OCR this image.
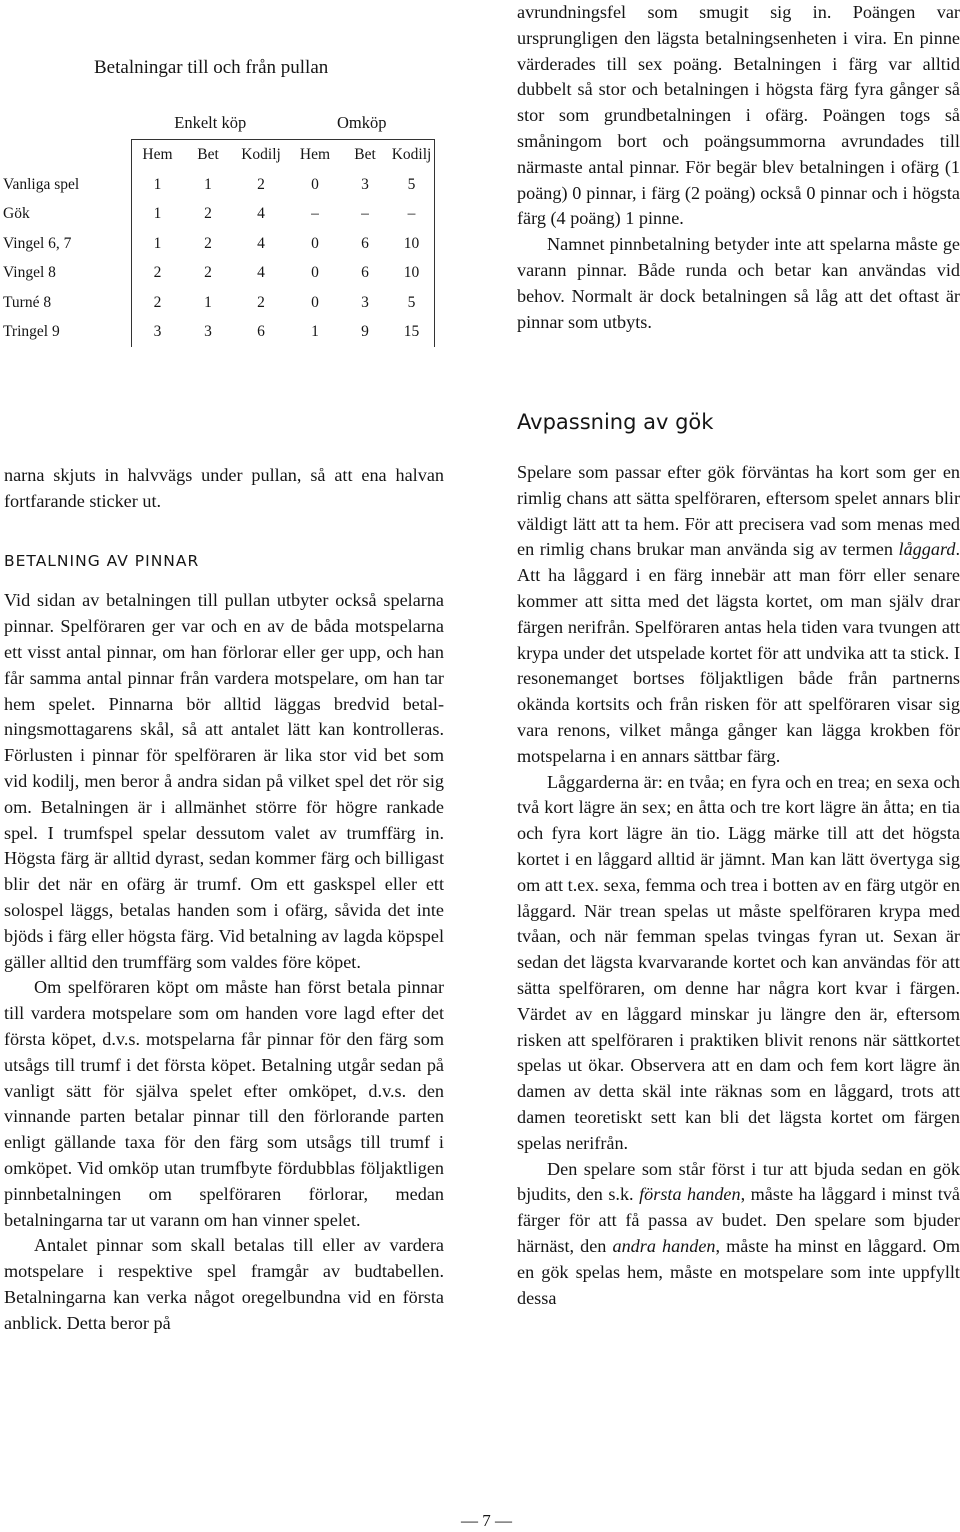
Betalningar till och från pullan
	Enkelt köp			Omköp		
	Hem	Bet	Kodilj	Hem	Bet	Kodilj
Vanliga spel	1	1	2	0	3	5
Gök	1	2	4	–	–	–
Vingel 6, 7	1	2	4	0	6	10
Vingel 8	2	2	4	0	6	10
Turné 8	2	1	2	0	3	5
Tringel 9	3	3	6	1	9	15

avrundningsfel som smugit sig in. Poängen var ursprungligen den lägsta betalningsenheten i vira. En pinne värderades till sex poäng. Betalningen i färg var alltid dubbelt så stor och betalningen i högsta färg fyra gånger så stor som grundbetalningen i ofärg. Poängen togs så småningom bort och poängsummorna avrundades till närmaste antal pinnar. För begär blev betalningen i ofärg (1 poäng) 0 pinnar, i färg (2 poäng) också 0 pinnar och i högsta färg (4 poäng) 1 pinne.

Namnet pinnbetalning betyder inte att spelarna måste ge varann pinnar. Både runda och betar kan användas vid behov. Normalt är dock betalningen så låg att det oftast är pinnar som utbyts.

Avpassning av gök

narna skjuts in halvvägs under pullan, så att ena halvan fortfarande sticker ut.

BETALNING AV PINNAR

Vid sidan av betalningen till pullan utbyter också spelarna pinnar. Spelföraren ger var och en av de båda motspelarna ett visst antal pinnar, om han förlorar eller ger upp, och han får samma antal pinnar från vardera motspelare, om han tar hem spelet. Pinnarna bör alltid läggas bredvid betalningsmottagarens skål, så att antalet lätt kan kontrolleras. Förlusten i pinnar för spelföraren är lika stor vid bet som vid kodilj, men beror å andra sidan på vilket spel det rör sig om. Betalningen är i allmänhet större för högre rankade spel. I trumfspel spelar dessutom valet av trumffärg in. Högsta färg är alltid dyrast, sedan kommer färg och billigast blir det när en ofärg är trumf. Om ett gaskspel eller ett solospel läggs, betalas handen som i ofärg, såvida det inte bjöds i färg eller högsta färg. Vid betalning av lagda köpspel gäller alltid den trumffärg som valdes före köpet.

Om spelföraren köpt om måste han först betala pinnar till vardera motspelare som om handen vore lagd efter det första köpet, d.v.s. motspelarna får pinnar för den färg som utsågs till trumf i det första köpet. Betalning utgår sedan på vanligt sätt för själva spelet efter omköpet, d.v.s. den vinnande parten betalar pinnar till den förlorande parten enligt gällande taxa för den färg som utsågs till trumf i omköpet. Vid omköp utan trumfbyte fördubblas följaktligen pinnbetalningen om spelföraren förlorar, medan betalningarna tar ut varann om han vinner spelet.

Antalet pinnar som skall betalas till eller av vardera motspelare i respektive spel framgår av budtabellen. Betalningarna kan verka något oregelbundna vid en första anblick. Detta beror på

Spelare som passar efter gök förväntas ha kort som ger en rimlig chans att sätta spelföraren, eftersom spelet annars blir väldigt lätt att ta hem. För att precisera vad som menas med en rimlig chans brukar man använda sig av termen låggard. Att ha låggard i en färg innebär att man förr eller senare kommer att sitta med det lägsta kortet, om man själv drar färgen nerifrån. Spelföraren antas hela tiden vara tvungen att krypa under det utspelade kortet för att undvika att ta stick. I resonemanget bortses följaktligen både från partnerns okända kortsits och från risken för att spelföraren visar sig vara renons, vilket många gånger kan lägga krokben för motspelarna i en annars sättbar färg.

Låggarderna är: en tvåa; en fyra och en trea; en sexa och två kort lägre än sex; en åtta och tre kort lägre än åtta; en tia och fyra kort lägre än tio. Lägg märke till att det högsta kortet i en låggard alltid är jämnt. Man kan lätt övertyga sig om att t.ex. sexa, femma och trea i botten av en färg utgör en låggard. När trean spelas ut måste spelföraren krypa med tvåan, och när femman spelas tvingas fyran ut. Sexan är sedan det lägsta kvarvarande kortet och kan användas för att sätta spelföraren, om denne har några kort kvar i färgen. Värdet av en låggard minskar ju längre den är, eftersom risken att spelföraren i praktiken blivit renons när sättkortet spelas ut ökar. Observera att en dam och fem kort lägre än damen av detta skäl inte räknas som en låggard, trots att damen teoretiskt sett kan bli det lägsta kortet om färgen spelas nerifrån.

Den spelare som står först i tur att bjuda sedan en gök bjudits, den s.k. första handen, måste ha låggard i minst två färger för att få passa av budet. Den spelare som bjuder härnäst, den andra handen, måste ha minst en låggard. Om en gök spelas hem, måste en motspelare som inte uppfyllt dessa

— 7 —
